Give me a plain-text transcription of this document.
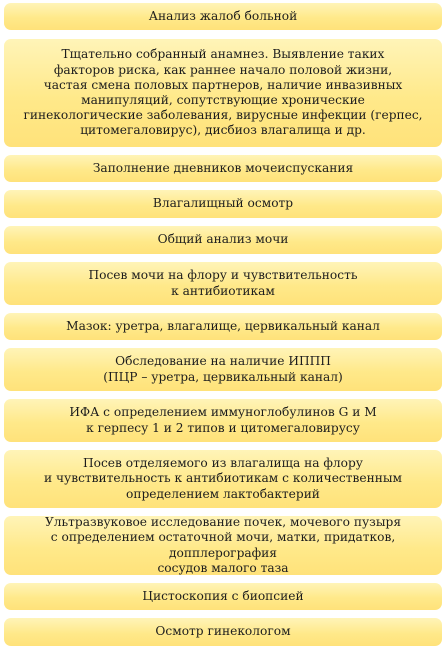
Анализ жалоб больной
Тщательно собранный анамнез. Выявление таких
факторов риска, как раннее начало половой жизни,
частая смена половых партнеров, наличие инвазивных
манипуляций, сопутствующие хронические
гинекологические заболевания, вирусные инфекции (герпес,
цитомегаловирус), дисбиоз влагалища и др.
Заполнение дневников мочеиспускания
Влагалищный осмотр
Общий анализ мочи
Посев мочи на флору и чувствительность
к антибиотикам
Мазок: уретра, влагалище, цервикальный канал
Обследование на наличие ИППП
(ПЦР – уретра, цервикальный канал)
ИФА с определением иммуноглобулинов G и M
к герпесу 1 и 2 типов и цитомегаловирусу
Посев отделяемого из влагалища на флору
и чувствительность к антибиотикам с количественным
определением лактобактерий
Ультразвуковое исследование почек, мочевого пузыря
с определением остаточной мочи, матки, придатков, допплерография
сосудов малого таза
Цистоскопия с биопсией
Осмотр гинекологом
